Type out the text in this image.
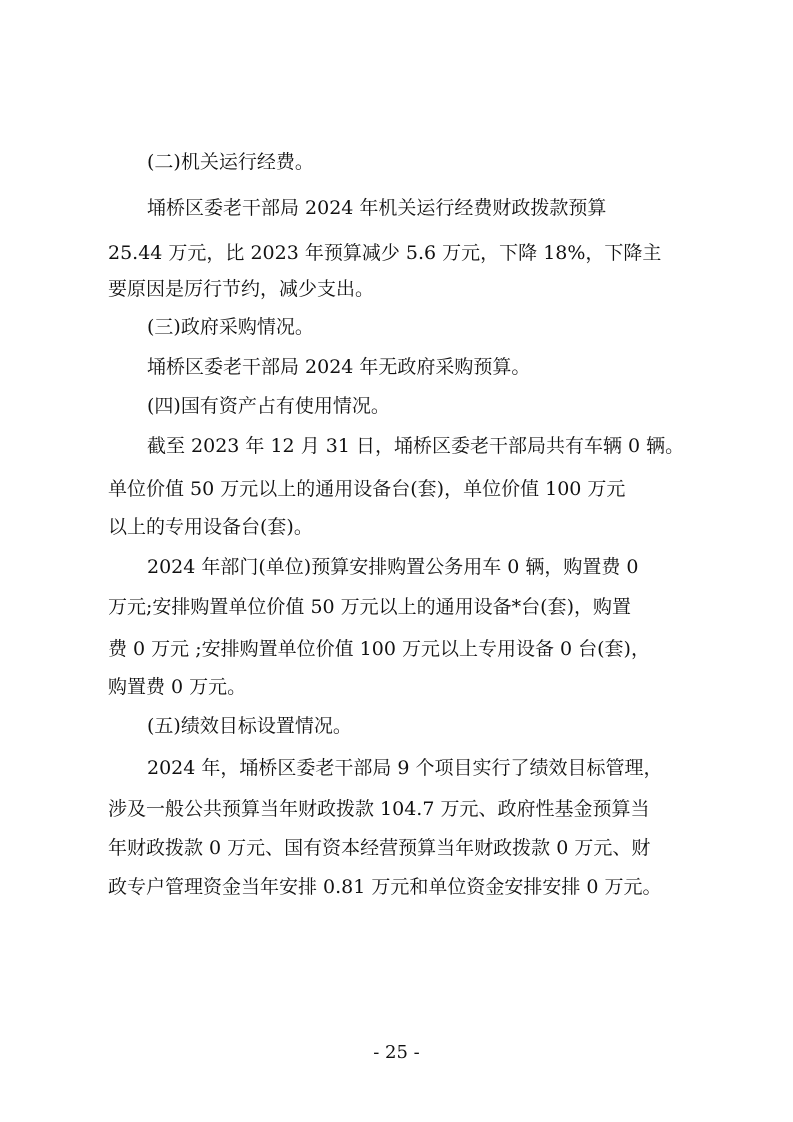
(二)机关运行经费。
埇桥区委老干部局 2024 年机关运行经费财政拨款预算
25.44 万元，比 2023 年预算减少 5.6 万元，下降 18%，下降主
要原因是厉行节约，减少支出。
(三)政府采购情况。
埇桥区委老干部局 2024 年无政府采购预算。
(四)国有资产占有使用情况。
截至 2023 年 12 月 31 日，埇桥区委老干部局共有车辆 0 辆。
单位价值 50 万元以上的通用设备台(套)，单位价值 100 万元
以上的专用设备台(套)。
2024 年部门(单位)预算安排购置公务用车 0 辆，购置费 0
万元;安排购置单位价值 50 万元以上的通用设备*台(套)，购置
费 0 万元 ;安排购置单位价值 100 万元以上专用设备 0 台(套)，
购置费 0 万元。
(五)绩效目标设置情况。
2024 年，埇桥区委老干部局 9 个项目实行了绩效目标管理，
涉及一般公共预算当年财政拨款 104.7 万元、政府性基金预算当
年财政拨款 0 万元、国有资本经营预算当年财政拨款 0 万元、财
政专户管理资金当年安排 0.81 万元和单位资金安排安排 0 万元。
- 25 -
